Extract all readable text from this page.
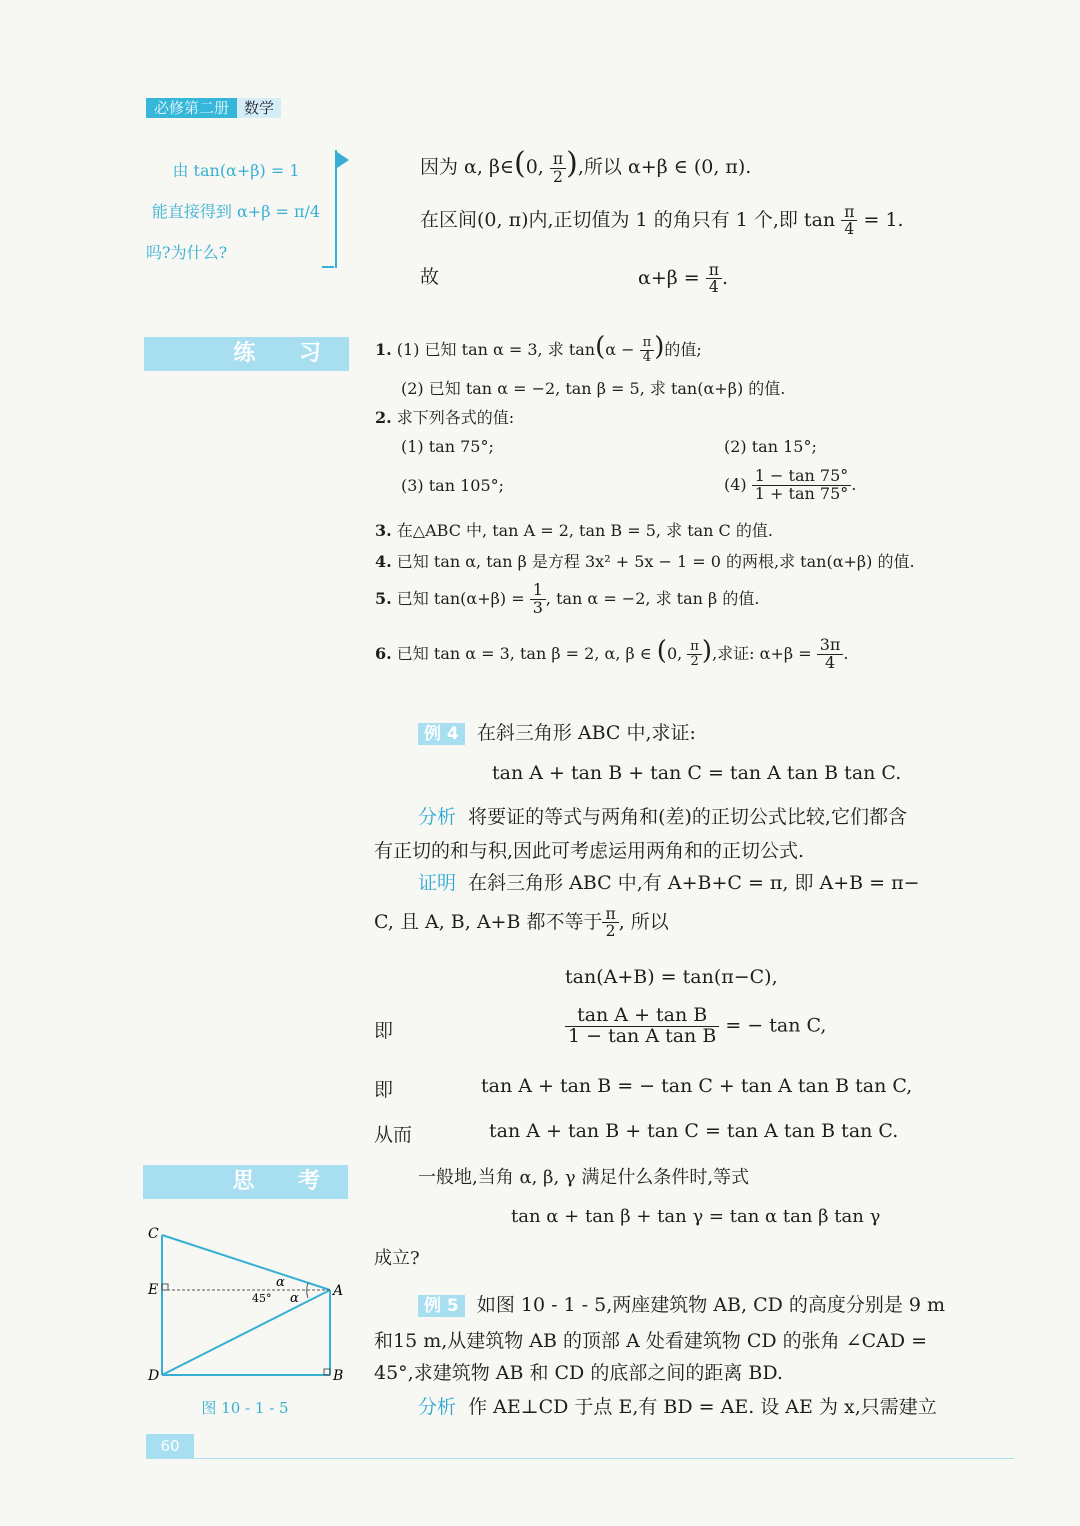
必修第二册	数学
由 tan(α+β) = 1
能直接得到 α+β = π/4
吗?为什么?
因为 α, β∈(0, $\frac{\pi}{2}$ ),所以 α+β ∈ (0, π).
在区间(0, π)内,正切值为 1 的角只有 1 个,即 $\tan \frac{\pi}{4} = 1$.
故	$\alpha+\beta = \frac{\pi}{4}$ .
练 习	1. (1) 已知 tan α = 3, 求 $\tan(\alpha - \frac{\pi}{4}$ )的值;
(2) 已知 tan α = −2, tan β = 5, 求 tan(α+β) 的值.
2. 求下列各式的值:
(1) tan 75°;	(2) tan 15°;
(3) tan 105°;	$(4) \frac{1 - \tan 75^\circ}{1 + \tan 75^\circ}$ .
3. 在△ABC 中, tan A = 2, tan B = 5, 求 tan C 的值.
4. 已知 tan α, tan β 是方程 3x² + 5x − 1 = 0 的两根,求 tan(α+β) 的值.
5. 已知 $\tan(\alpha+\beta) = \frac{1}{3}$ , tan α = −2, 求 tan β 的值.
6. 已知 tan α = 3, tan β = 2, α, β ∈ (0, $\frac{\pi}{2}$ ),求证: $\alpha+\beta = \frac{3\pi}{4}$ .
例 4 在斜三角形 ABC 中,求证:
tan A + tan B + tan C = tan A tan B tan C.
分析 将要证的等式与两角和(差)的正切公式比较,它们都含
有正切的和与积,因此可考虑运用两角和的正切公式.
证明 在斜三角形 ABC 中,有 A+B+C = π, 即 A+B = π−
C, 且 A, B, A+B 都不等于 $\frac{\pi}{2}$ , 所以
tan(A+B) = tan(π−C),
即	$\frac{\text{tan A + tan B}}{\text{1 − tan A tan B}}$ = − tan C,
即	tan A + tan B = − tan C + tan A tan B tan C,
从而	tan A + tan B + tan C = tan A tan B tan C.
思 考	一般地,当角 α, β, γ 满足什么条件时,等式
tan α + tan β + tan γ = tan α tan β tan γ
成立?
例 5 如图 10 - 1 - 5,两座建筑物 AB, CD 的高度分别是 9 m
和15 m,从建筑物 AB 的顶部 A 处看建筑物 CD 的张角 ∠CAD =
45°,求建筑物 AB 和 CD 的底部之间的距离 BD.
分析 作 AE⊥CD 于点 E,有 BD = AE. 设 AE 为 x,只需建立
C
E
D
A
B
α
45° α
图 10 - 1 - 5
60
